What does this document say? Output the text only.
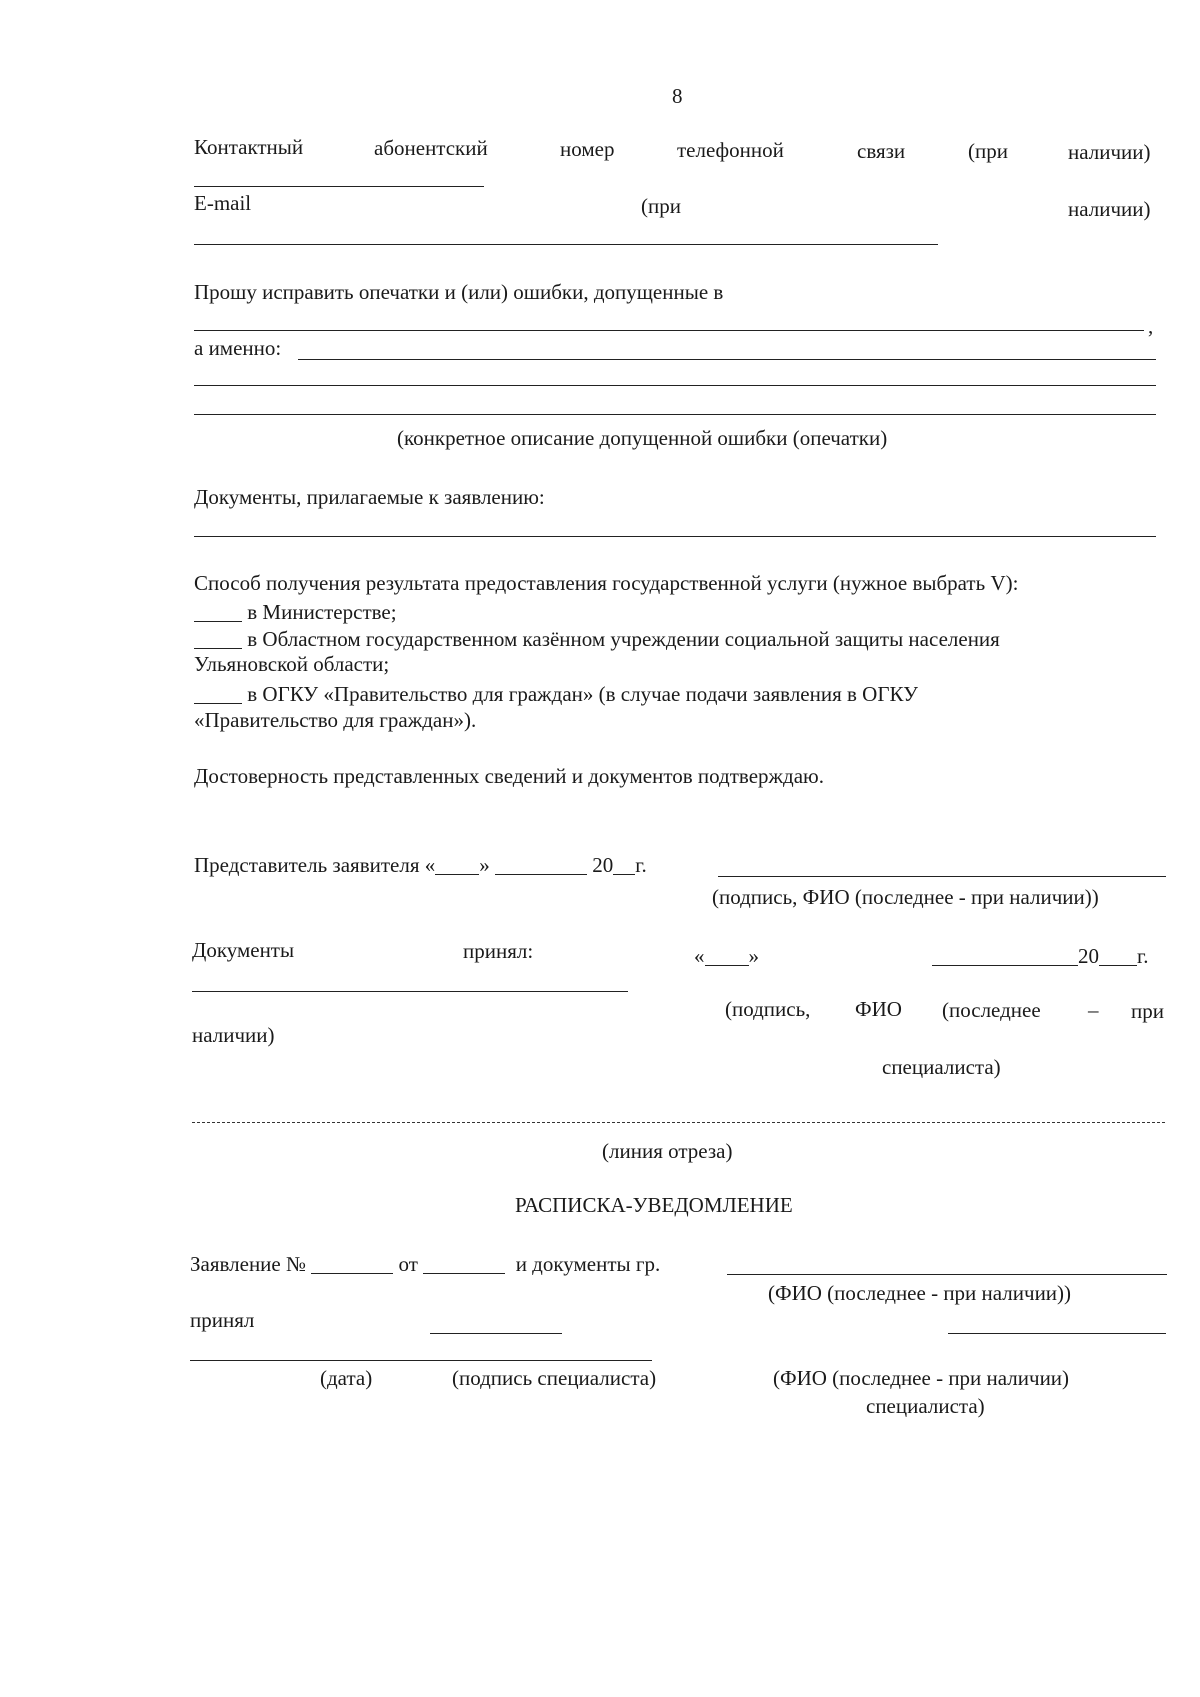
8
Контактный	абонентский	номер	телефонной	связи	(при	наличии)
E-mail	(при	наличии)
Прошу исправить опечатки и (или) ошибки, допущенные в
,
а именно:
(конкретное описание допущенной ошибки (опечатки)
Документы, прилагаемые к заявлению:
Способ получения результата предоставления государственной услуги (нужное выбрать V):
в Министерстве;
в Областном государственном казённом учреждении социальной защиты населения
Ульяновской области;
в ОГКУ «Правительство для граждан» (в случае подачи заявления в ОГКУ
«Правительство для граждан»).
Достоверность представленных сведений и документов подтверждаю.
Представитель заявителя « »	20 г.
(подпись, ФИО (последнее - при наличии))
Документы	принял:	« »	20 г.
(подпись, ФИО (последнее – при
наличии)
специалиста)
(линия отреза)
РАСПИСКА-УВЕДОМЛЕНИЕ
Заявление №	от	и документы гр.
(ФИО (последнее - при наличии))
принял
(дата)	(подпись специалиста)	(ФИО (последнее - при наличии)
специалиста)
